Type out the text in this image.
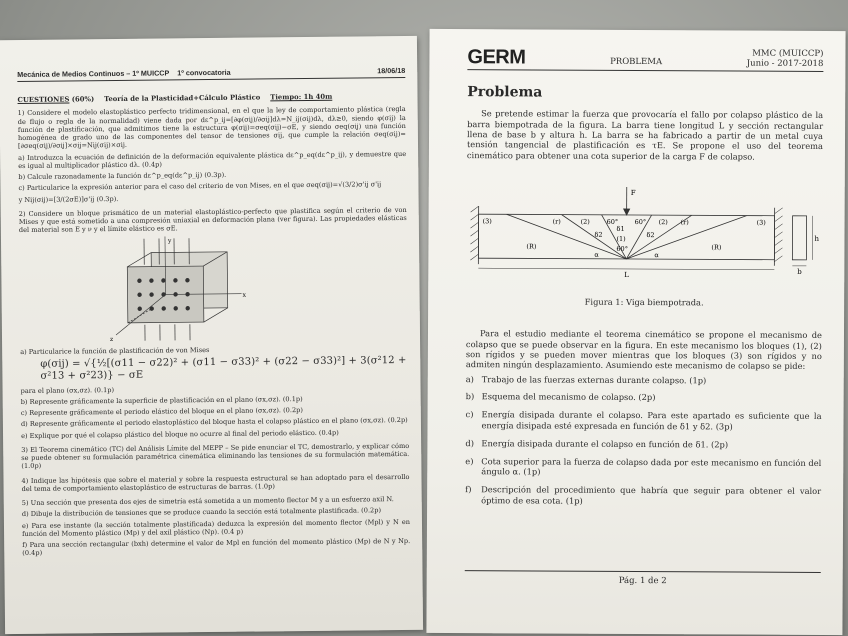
Mecánica de Medios Continuos – 1º MUICCP 1º convocatoria	18/06/18
CUESTIONES (60%) Teoría de la Plasticidad+Cálculo Plástico Tiempo: 1h 40m

1) Considere el modelo elastoplástico perfecto tridimensional, en el que la ley de comportamiento plástica (regla de flujo o regla de la normalidad) viene dada por dε^p_ij=[∂φ(σij)/∂σij]dλ=N_ij(σij)dλ, dλ≥0, siendo φ(σij) la función de plastificación, que admitimos tiene la estructura φ(σij)=σeq(σij)−σE, y siendo σeq(σij) una función homogénea de grado uno de las componentes del tensor de tensiones σij, que cumple la relación σeq(σij)=[∂σeq(σij)/∂σij]×σij=Nij(σij)×σij.

a) Introduzca la ecuación de definición de la deformación equivalente plástica dε^p_eq(dε^p_ij), y demuestre que es igual al multiplicador plástico dλ. (0.4p)

b) Calcule razonadamente la función dε^p_eq(dε^p_ij) (0.3p).

c) Particularice la expresión anterior para el caso del criterio de von Mises, en el que σeq(σij)=√(3/2)σ'ij σ'ij

y Nij(σij)=[3/(2σE)]σ'ij (0.3p).

2) Considere un bloque prismático de un material elastoplástico-perfecto que plastifica según el criterio de von Mises y que está sometido a una compresión uniaxial en deformación plana (ver figura). Las propiedades elásticas del material son E y ν y el límite elástico es σE.

x
y
z

a) Particularice la función de plastificación de von Mises

φ(σij) = √{½[(σ11 − σ22)² + (σ11 − σ33)² + (σ22 − σ33)²] + 3(σ²12 + σ²13 + σ²23)} − σE

para el plano (σx,σz). (0.1p)

b) Represente gráficamente la superficie de plastificación en el plano (σx,σz). (0.1p)

c) Represente gráficamente el periodo elástico del bloque en el plano (σx,σz). (0.2p)

d) Represente gráficamente el periodo elastoplástico del bloque hasta el colapso plástico en el plano (σx,σz). (0.2p)

e) Explique por qué el colapso plástico del bloque no ocurre al final del periodo elástico. (0.4p)

3) El Teorema cinemático (TC) del Análisis Límite del MEPP – Se pide enunciar el TC, demostrarlo, y explicar cómo se puede obtener su formulación paramétrica cinemática eliminando las tensiones de su formulación matemática. (1.0p)

4) Indique las hipótesis que sobre el material y sobre la respuesta estructural se han adoptado para el desarrollo del tema de comportamiento elastoplástico de estructuras de barras. (1.0p)

5) Una sección que presenta dos ejes de simetría está sometida a un momento flector M y a un esfuerzo axil N.

d) Dibuje la distribución de tensiones que se produce cuando la sección está totalmente plastificada. (0.2p)

e) Para ese instante (la sección totalmente plastificada) deduzca la expresión del momento flector (Mpl) y N en función del Momento plástico (Mp) y del axil plástico (Np). (0.4 p)

f) Para una sección rectangular (bxh) determine el valor de Mpl en función del momento plástico (Mp) de N y Np. (0.4p)

GERM	PROBLEMA
MMC (MUICCP)
Junio - 2017-2018
Problema

Se pretende estimar la fuerza que provocaría el fallo por colapso plástico de la barra biempotrada de la figura. La barra tiene longitud L y sección rectangular llena de base b y altura h. La barra se ha fabricado a partir de un metal cuya tensión tangencial de plastificación es τE. Se propone el uso del teorema cinemático para obtener una cota superior de la carga F de colapso.

F
L
h
b
(3)	(r)	(2)	60°
δ1
60° (2) (r)	(3)
δ2
(1)	δ2
60°
(R)	(R)
α	α
Figura 1: Viga biempotrada.

Para el estudio mediante el teorema cinemático se propone el mecanismo de colapso que se puede observar en la figura. En este mecanismo los bloques (1), (2) son rígidos y se pueden mover mientras que los bloques (3) son rígidos y no admiten ningún desplazamiento. Asumiendo este mecanismo de colapso se pide:

a) Trabajo de las fuerzas externas durante colapso. (1p)
b) Esquema del mecanismo de colapso. (2p)
c) Energía disipada durante el colapso. Para este apartado es suficiente que la energía disipada esté expresada en función de δ1 y δ2. (3p)
d) Energía disipada durante el colapso en función de δ1. (2p)
e) Cota superior para la fuerza de colapso dada por este mecanismo en función del ángulo α. (1p)
f)	Descripción del procedimiento que habría que seguir para obtener el valor óptimo de esa cota. (1p)
Pág. 1 de 2
